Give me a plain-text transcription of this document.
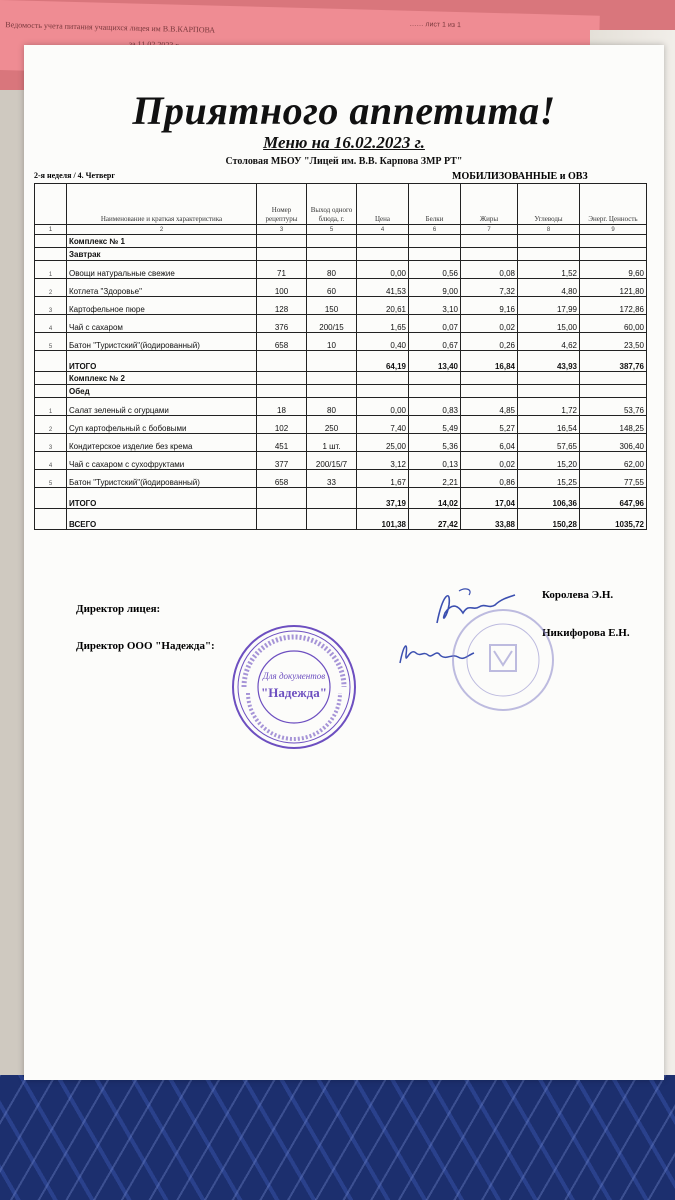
Ведомость учета питания учащихся лицея им В.В.КАРПОВА	…… лист 1 из 1
Приятного аппетита!
Меню на 16.02.2023 г.
Столовая МБОУ "Лицей им. В.В. Карпова ЗМР РТ"
2-я неделя / 4. Четверг	МОБИЛИЗОВАННЫЕ и ОВЗ
	Наименование и краткая характеристика	Номер рецептуры	Выход одного блюда, г.	Цена	Белки	Жиры	Углеводы	Энерг. Ценность
1	2	3	5	4	6	7	8	9
	Комплекс № 1							
	Завтрак							
1	Овощи натуральные свежие	71	80	0,00	0,56	0,08	1,52	9,60
2	Котлета "Здоровье"	100	60	41,53	9,00	7,32	4,80	121,80
3	Картофельное пюре	128	150	20,61	3,10	9,16	17,99	172,86
4	Чай с сахаром	376	200/15	1,65	0,07	0,02	15,00	60,00
5	Батон "Туристский"(йодированный)	658	10	0,40	0,67	0,26	4,62	23,50
	ИТОГО			64,19	13,40	16,84	43,93	387,76
	Комплекс № 2							
	Обед							
1	Салат зеленый с огурцами	18	80	0,00	0,83	4,85	1,72	53,76
2	Суп картофельный с бобовыми	102	250	7,40	5,49	5,27	16,54	148,25
3	Кондитерское изделие без крема	451	1 шт.	25,00	5,36	6,04	57,65	306,40
4	Чай с сахаром с сухофруктами	377	200/15/7	3,12	0,13	0,02	15,20	62,00
5	Батон "Туристский"(йодированный)	658	33	1,67	2,21	0,86	15,25	77,55
	ИТОГО			37,19	14,02	17,04	106,36	647,96
	ВСЕГО			101,38	27,42	33,88	150,28	1035,72
Директор лицея:
Директор ООО "Надежда":
Королева Э.Н.
Никифорова Е.Н.
Для документов
"Надежда"
